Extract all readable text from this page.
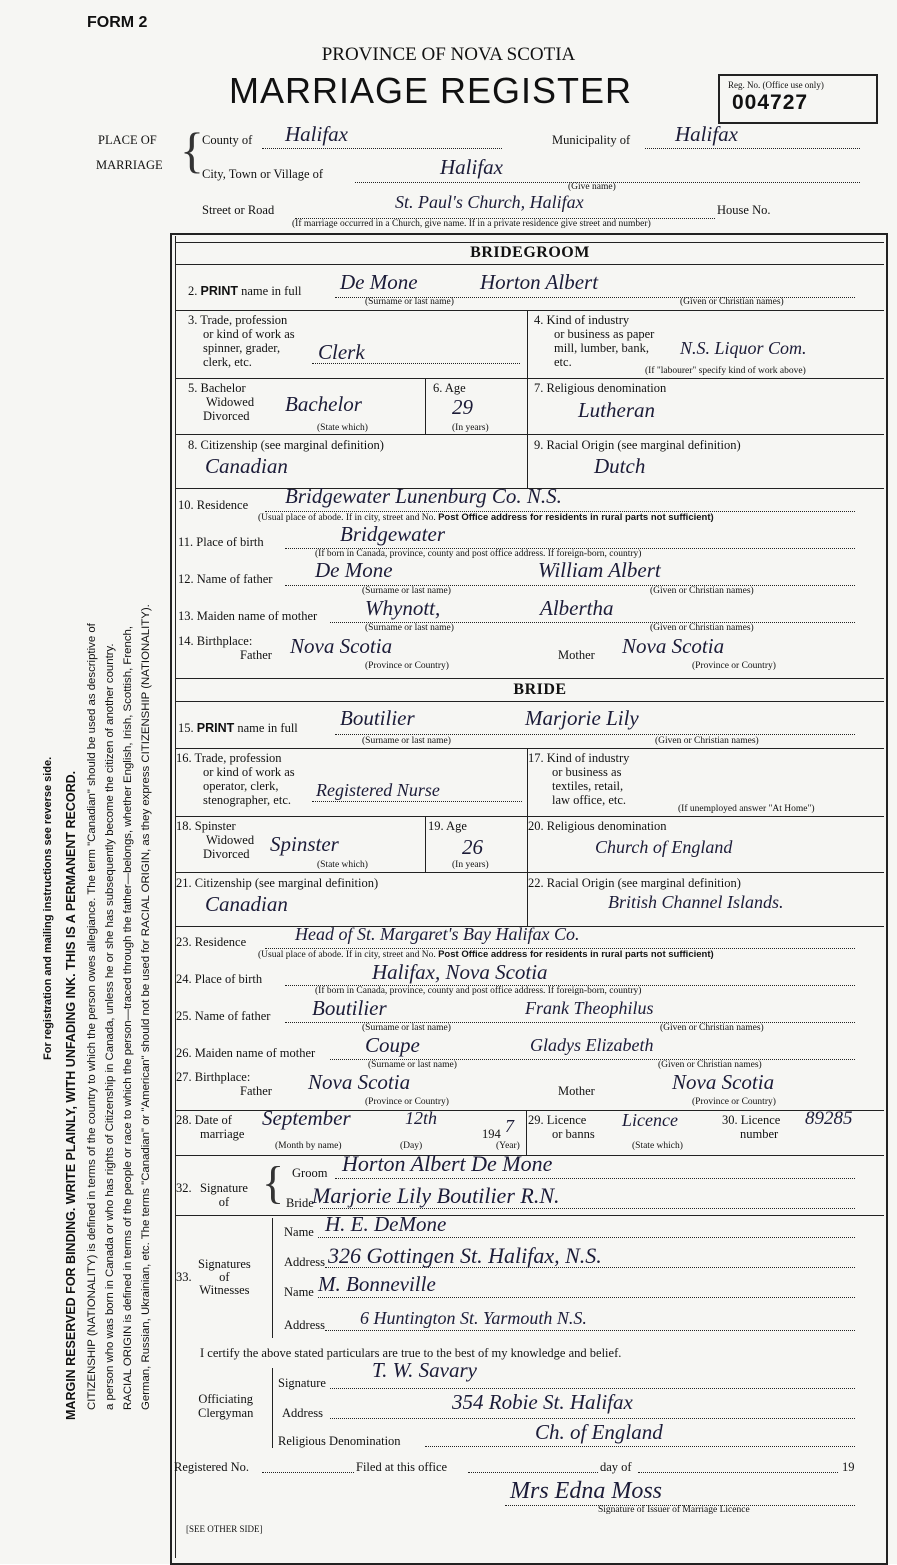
FORM 2
PROVINCE OF NOVA SCOTIA
MARRIAGE REGISTER	Reg. No. (Office use only)
004727
For registration and mailing instructions see reverse side. MARGIN RESERVED FOR BINDING. WRITE PLAINLY, WITH UNFADING INK. THIS IS A PERMANENT RECORD. CITIZENSHIP (NATIONALITY) is defined in terms of the country to which the person owes allegiance. The term "Canadian" should be used as descriptive of a person who was born in Canada or who has rights of Citizenship in Canada, unless he or she has subsequently become the citizen of another country. RACIAL ORIGIN is defined in terms of the people or race to which the person—traced through the father—belongs, whether English, Irish, Scottish, French, German, Russian, Ukrainian, etc. The terms "Canadian" or "American" should not be used for RACIAL ORIGIN, as they express CITIZENSHIP (NATIONALITY).
PLACE OF
MARRIAGE {
County of Halifax	Municipality of Halifax
City, Town or Village of	Halifax
(Give name)
Street or Road	St. Paul's Church, Halifax	House No.
(If marriage occurred in a Church, give name. If in a private residence give street and number)
BRIDEGROOM
2. PRINT name in full De Mone	Horton Albert
(Surname or last name)	(Given or Christian names)
3. Trade, profession
or kind of work as
spinner, grader,
clerk, etc.	Clerk
4. Kind of industry
or business as paper
mill, lumber, bank,
etc.
N.S. Liquor Com.
(If "labourer" specify kind of work above)
5. Bachelor
Widowed
Divorced Bachelor
(State which)
6. Age
29
(In years)
7. Religious denomination
Lutheran
8. Citizenship (see marginal definition)
Canadian
9. Racial Origin (see marginal definition)
Dutch
10. Residence Bridgewater Lunenburg Co. N.S.
(Usual place of abode. If in city, street and No. Post Office address for residents in rural parts not sufficient)
11. Place of birth	Bridgewater
(If born in Canada, province, county and post office address. If foreign-born, country)
12. Name of father De Mone	William Albert
(Surname or last name)	(Given or Christian names)
13. Maiden name of mother Whynott,	Albertha
(Surname or last name)	(Given or Christian names)
14. Birthplace:
Father Nova Scotia	Mother Nova Scotia
(Province or Country)	(Province or Country)
BRIDE
15. PRINT name in full Boutilier	Marjorie Lily
(Surname or last name)	(Given or Christian names)
16. Trade, profession
or kind of work as
operator, clerk,
stenographer, etc. Registered Nurse
17. Kind of industry
or business as
textiles, retail,
law office, etc.
(If unemployed answer "At Home")
18. Spinster
Widowed
Divorced Spinster
(State which)
19. Age
26
(In years)
20. Religious denomination
Church of England
21. Citizenship (see marginal definition)
Canadian
22. Racial Origin (see marginal definition)
British Channel Islands.
23. Residence	Head of St. Margaret's Bay Halifax Co.
(Usual place of abode. If in city, street and No. Post Office address for residents in rural parts not sufficient)
24. Place of birth	Halifax, Nova Scotia
(If born in Canada, province, county and post office address. If foreign-born, country)
25. Name of father Boutilier	Frank Theophilus
(Surname or last name)	(Given or Christian names)
26. Maiden name of mother Coupe	Gladys Elizabeth
(Surname or last name)	(Given or Christian names)
27. Birthplace:
Father Nova Scotia	Mother	Nova Scotia
(Province or Country)	(Province or Country)
28. Date of
marriage
September	12th
194 7
(Month by name)	(Day)	(Year)
29. Licence
or banns
Licence
(State which)
30. Licence
number
89285
32. Signature
of { Groom Horton Albert De Mone
Bride
Marjorie Lily Boutilier R.N.
33.
Signatures
of
Witnesses
Name H. E. DeMone
Address 326 Gottingen St. Halifax, N.S.
Name M. Bonneville
Address 6 Huntington St. Yarmouth N.S.
I certify the above stated particulars are true to the best of my knowledge and belief.
Officiating
Clergyman
Signature
T. W. Savary
Address	354 Robie St. Halifax
Religious Denomination	Ch. of England
Registered No.	Filed at this office	day of	19
Mrs Edna Moss
Signature of Issuer of Marriage Licence
[SEE OTHER SIDE]
